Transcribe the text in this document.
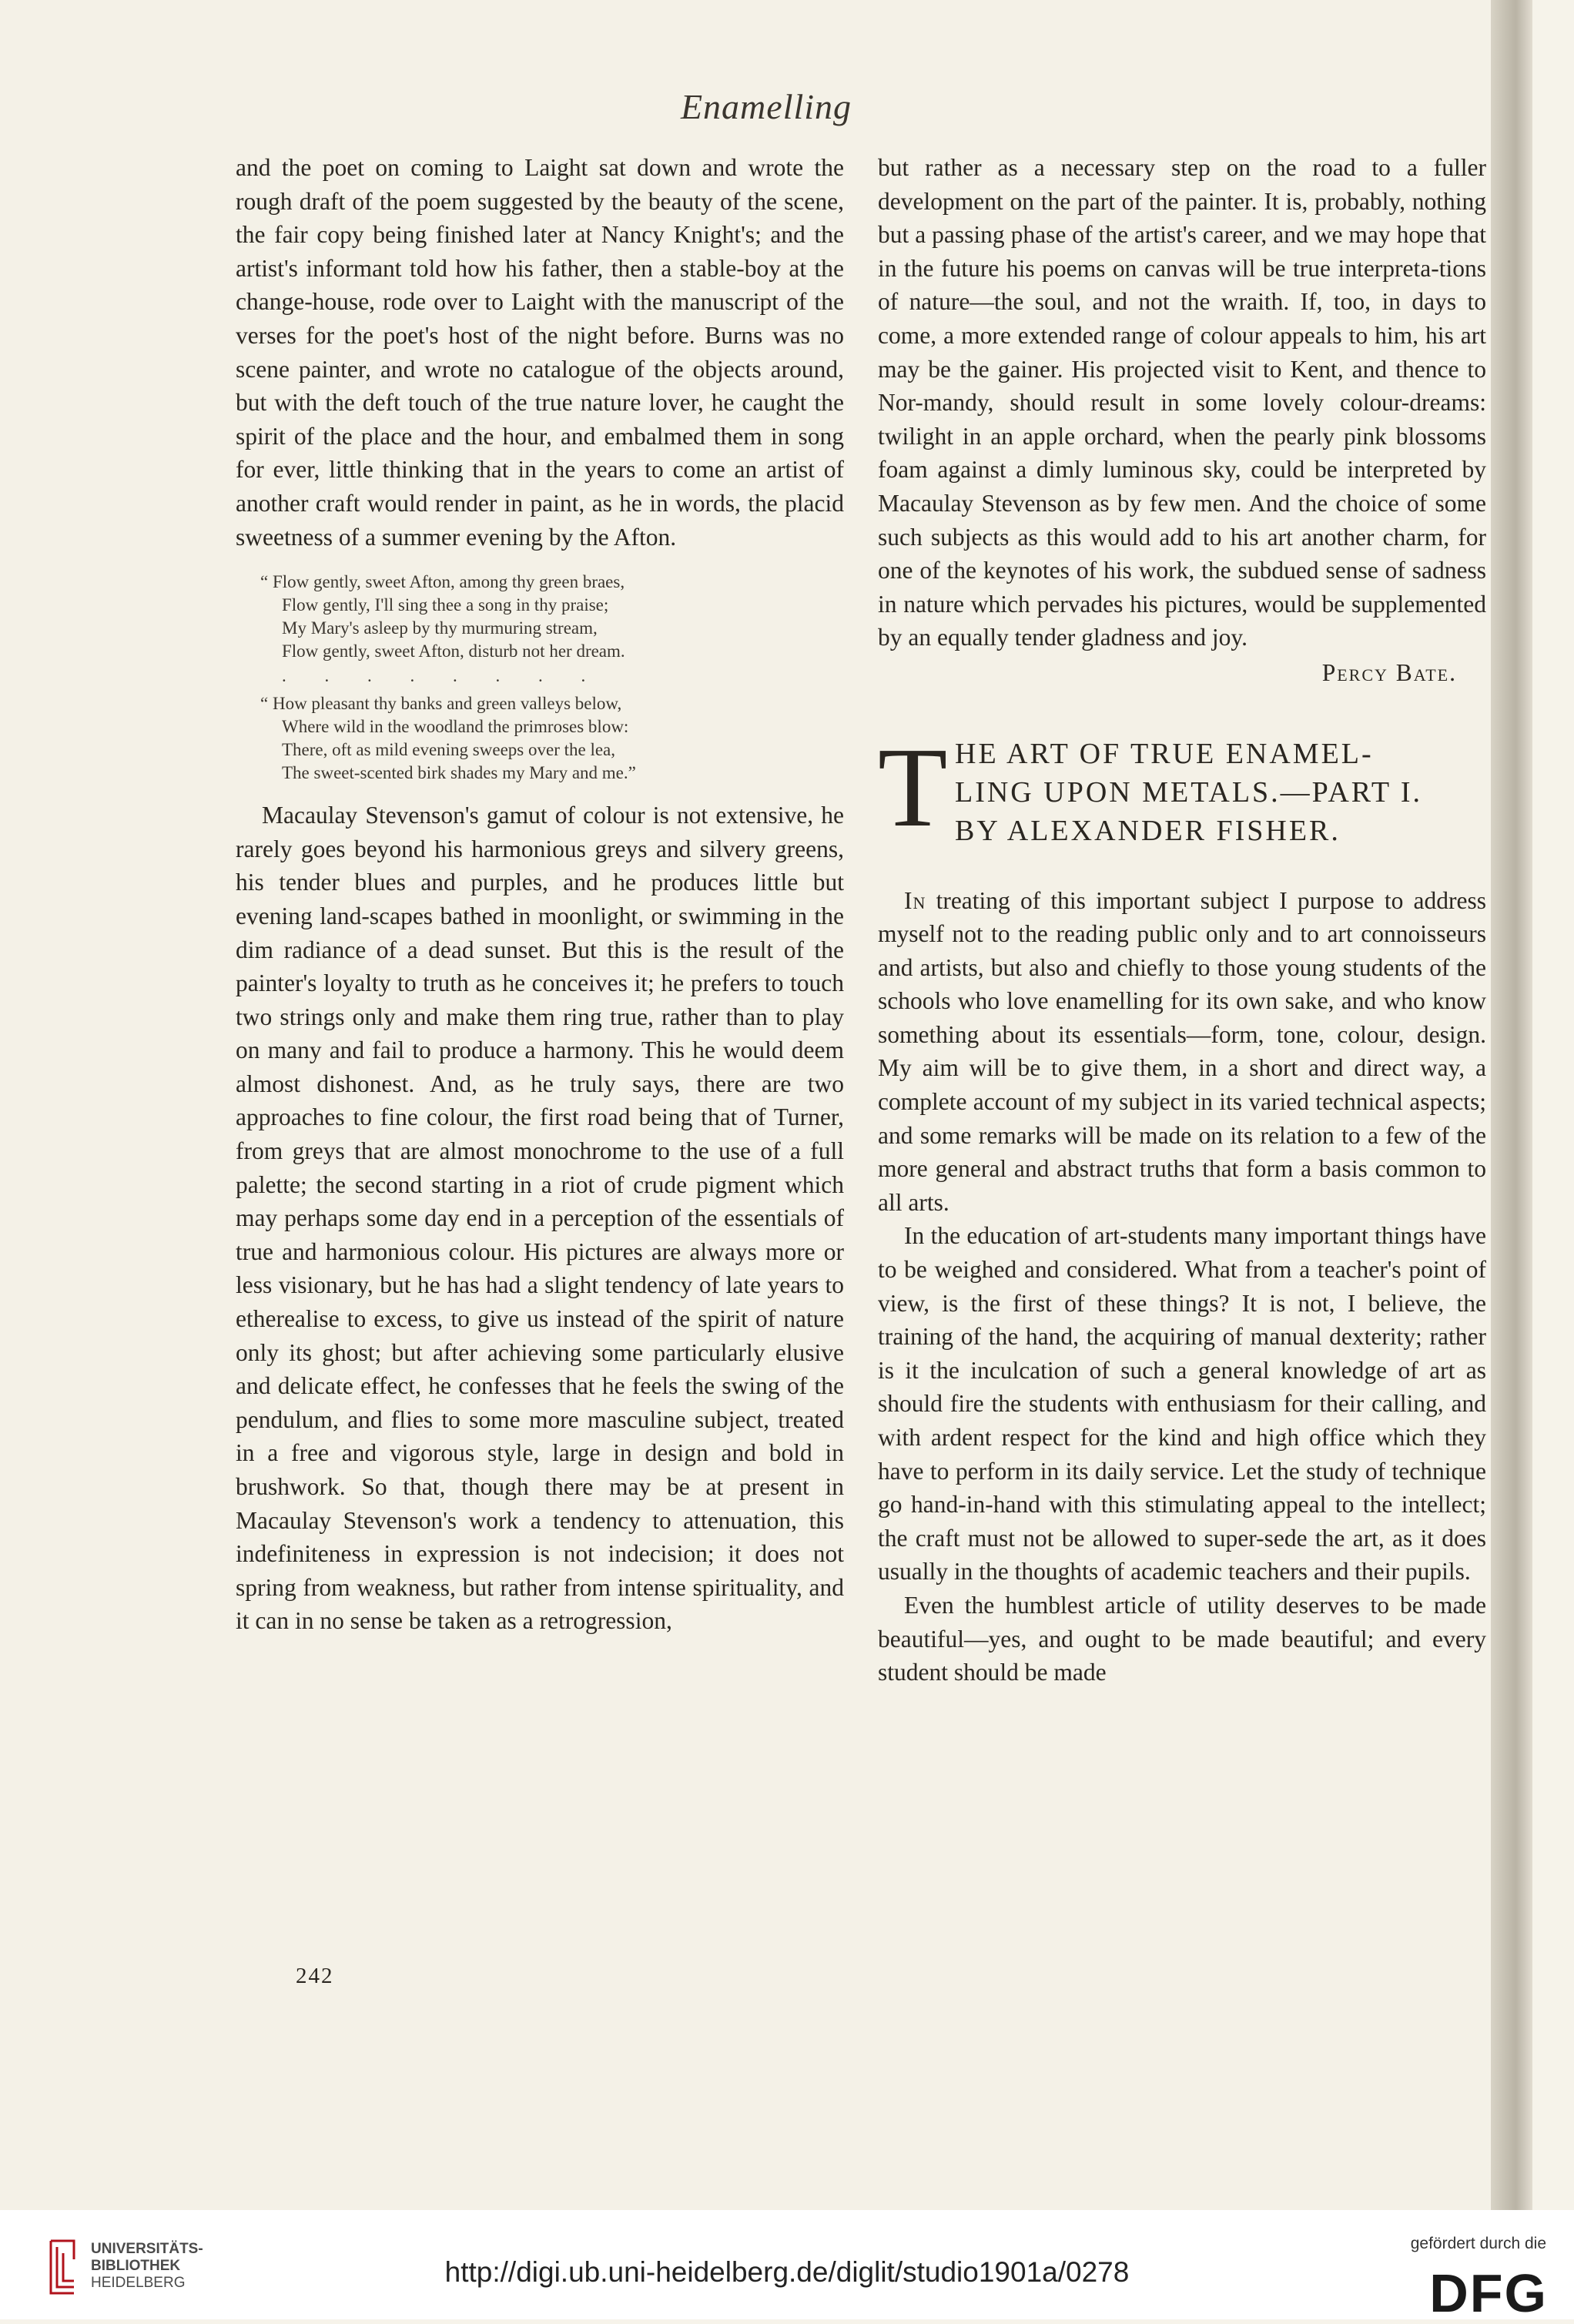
Enamelling

and the poet on coming to Laight sat down and wrote the rough draft of the poem suggested by the beauty of the scene, the fair copy being finished later at Nancy Knight's; and the artist's informant told how his father, then a stable-boy at the change-house, rode over to Laight with the manuscript of the verses for the poet's host of the night before. Burns was no scene painter, and wrote no catalogue of the objects around, but with the deft touch of the true nature lover, he caught the spirit of the place and the hour, and embalmed them in song for ever, little thinking that in the years to come an artist of another craft would render in paint, as he in words, the placid sweetness of a summer evening by the Afton.

“ Flow gently, sweet Afton, among thy green braes,
Flow gently, I'll sing thee a song in thy praise;
My Mary's asleep by thy murmuring stream,
Flow gently, sweet Afton, disturb not her dream.
. . . . . . . .
“ How pleasant thy banks and green valleys below,
Where wild in the woodland the primroses blow:
There, oft as mild evening sweeps over the lea,
The sweet-scented birk shades my Mary and me.”

Macaulay Stevenson's gamut of colour is not extensive, he rarely goes beyond his harmonious greys and silvery greens, his tender blues and purples, and he produces little but evening land-scapes bathed in moonlight, or swimming in the dim radiance of a dead sunset. But this is the result of the painter's loyalty to truth as he conceives it; he prefers to touch two strings only and make them ring true, rather than to play on many and fail to produce a harmony. This he would deem almost dishonest. And, as he truly says, there are two approaches to fine colour, the first road being that of Turner, from greys that are almost monochrome to the use of a full palette; the second starting in a riot of crude pigment which may perhaps some day end in a perception of the essentials of true and harmonious colour. His pictures are always more or less visionary, but he has had a slight tendency of late years to etherealise to excess, to give us instead of the spirit of nature only its ghost; but after achieving some particularly elusive and delicate effect, he confesses that he feels the swing of the pendulum, and flies to some more masculine subject, treated in a free and vigorous style, large in design and bold in brushwork. So that, though there may be at present in Macaulay Stevenson's work a tendency to attenuation, this indefiniteness in expression is not indecision; it does not spring from weakness, but rather from intense spirituality, and it can in no sense be taken as a retrogression,

but rather as a necessary step on the road to a fuller development on the part of the painter. It is, probably, nothing but a passing phase of the artist's career, and we may hope that in the future his poems on canvas will be true interpreta-tions of nature—the soul, and not the wraith. If, too, in days to come, a more extended range of colour appeals to him, his art may be the gainer. His projected visit to Kent, and thence to Nor-mandy, should result in some lovely colour-dreams: twilight in an apple orchard, when the pearly pink blossoms foam against a dimly luminous sky, could be interpreted by Macaulay Stevenson as by few men. And the choice of some such subjects as this would add to his art another charm, for one of the keynotes of his work, the subdued sense of sadness in nature which pervades his pictures, would be supplemented by an equally tender gladness and joy.

Percy Bate.
T HE ART OF TRUE ENAMEL-
LING UPON METALS.—PART I.
BY ALEXANDER FISHER.

In treating of this important subject I purpose to address myself not to the reading public only and to art connoisseurs and artists, but also and chiefly to those young students of the schools who love enamelling for its own sake, and who know something about its essentials—form, tone, colour, design. My aim will be to give them, in a short and direct way, a complete account of my subject in its varied technical aspects; and some remarks will be made on its relation to a few of the more general and abstract truths that form a basis common to all arts.

In the education of art-students many important things have to be weighed and considered. What from a teacher's point of view, is the first of these things? It is not, I believe, the training of the hand, the acquiring of manual dexterity; rather is it the inculcation of such a general knowledge of art as should fire the students with enthusiasm for their calling, and with ardent respect for the kind and high office which they have to perform in its daily service. Let the study of technique go hand-in-hand with this stimulating appeal to the intellect; the craft must not be allowed to super-sede the art, as it does usually in the thoughts of academic teachers and their pupils.

Even the humblest article of utility deserves to be made beautiful—yes, and ought to be made beautiful; and every student should be made

242
UNIVERSITÄTS-
BIBLIOTHEK
HEIDELBERG	http://digi.ub.uni-heidelberg.de/diglit/studio1901a/0278
gefördert durch die
DFG
